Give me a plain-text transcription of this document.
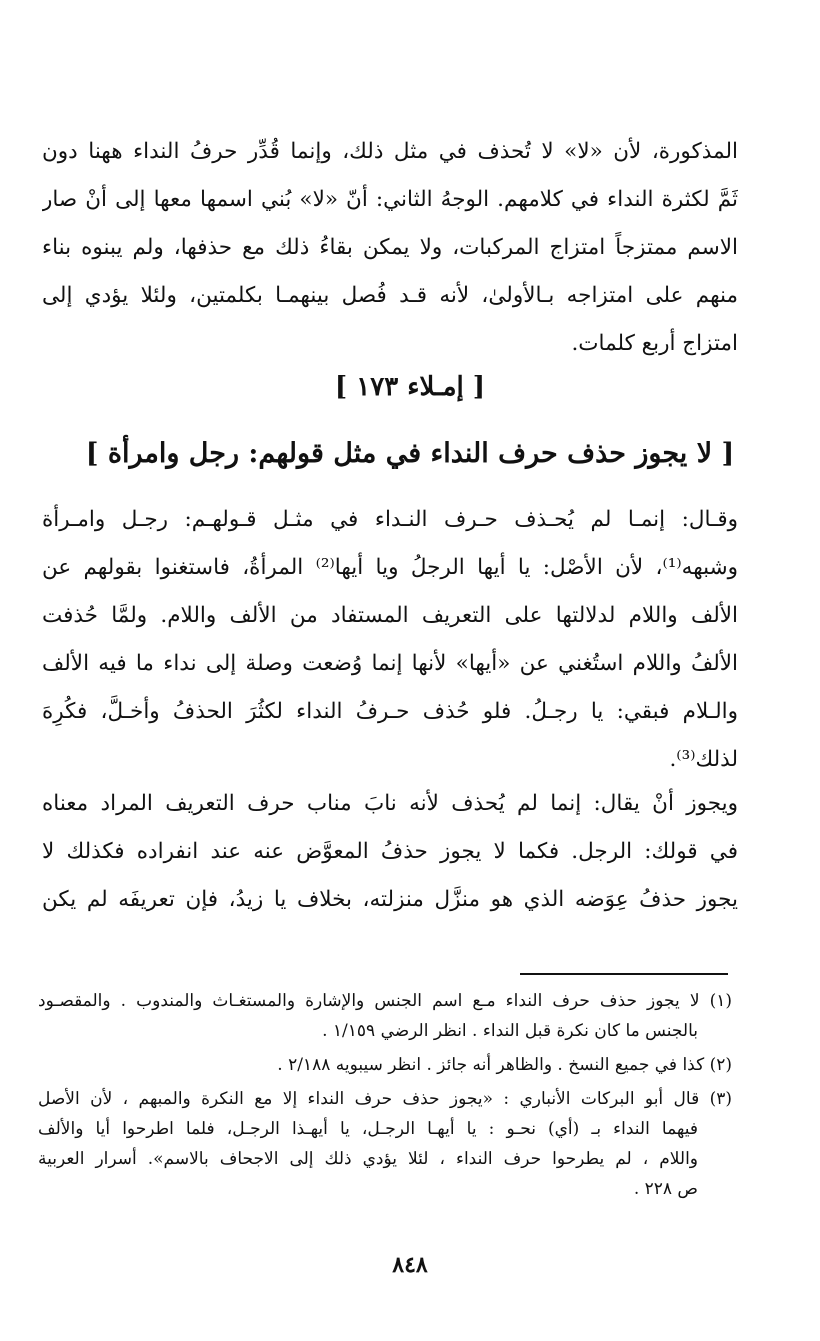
المذكورة، لأن «لا» لا تُحذف في مثل ذلك، وإنما قُدِّر حرفُ النداء ههنا دون
ثَمَّ لكثرة النداء في كلامهم. الوجهُ الثاني: أنّ «لا» بُني اسمها معها إلى أنْ صار
الاسم ممتزجاً امتزاج المركبات، ولا يمكن بقاءُ ذلك مع حذفها، ولم يبنوه بناء
منهم على امتزاجه بـالأولىٰ، لأنه قـد فُصل بينهمـا بكلمتين، ولئلا يؤدي إلى
امتزاج أربع كلمات.
[ إمـلاء ١٧٣ ]
[ لا يجوز حذف حرف النداء في مثل قولهم: رجل وامرأة ]
وقـال: إنمـا لم يُحـذف حـرف النـداء في مثـل قـولهـم: رجـل وامـرأة
وشبهه⁽¹⁾، لأن الأصْل: يا أيها الرجلُ ويا أيها⁽²⁾ المرأةُ، فاستغنوا بقولهم عن
الألف واللام لدلالتها على التعريف المستفاد من الألف واللام. ولمَّا حُذفت
الألفُ واللام استُغني عن «أيها» لأنها إنما وُضعت وصلة إلى نداء ما فيه الألف
والـلام فبقي: يا رجـلُ. فلو حُذف حـرفُ النداء لكثُرَ الحذفُ وأخـلَّ، فكُرِهَ
لذلك⁽³⁾.
ويجوز أنْ يقال: إنما لم يُحذف لأنه نابَ مناب حرف التعريف المراد معناه
في قولك: الرجل. فكما لا يجوز حذفُ المعوَّض عنه عند انفراده فكذلك لا
يجوز حذفُ عِوَضه الذي هو منزَّل منزلته، بخلاف يا زيدُ، فإن تعريفَه لم يكن
(١) لا يجوز حذف حرف النداء مـع اسم الجنس والإشارة والمستغـاث والمندوب . والمقصـود
بالجنس ما كان نكرة قبل النداء . انظر الرضي ١/١٥٩ .
(٢) كذا في جميع النسخ . والظاهر أنه جائز . انظر سيبويه ٢/١٨٨ .
(٣) قال أبو البركات الأنباري : «يجوز حذف حرف النداء إلا مع النكرة والمبهم ، لأن الأصل
فيهما النداء بـ (أي) نحـو : يا أيهـا الرجـل، يا أيهـذا الرجـل، فلما اطرحوا أيا والألف
واللام ، لم يطرحوا حرف النداء ، لئلا يؤدي ذلك إلى الاجحاف بالاسم». أسرار العربية
ص ٢٢٨ .
٨٤٨
